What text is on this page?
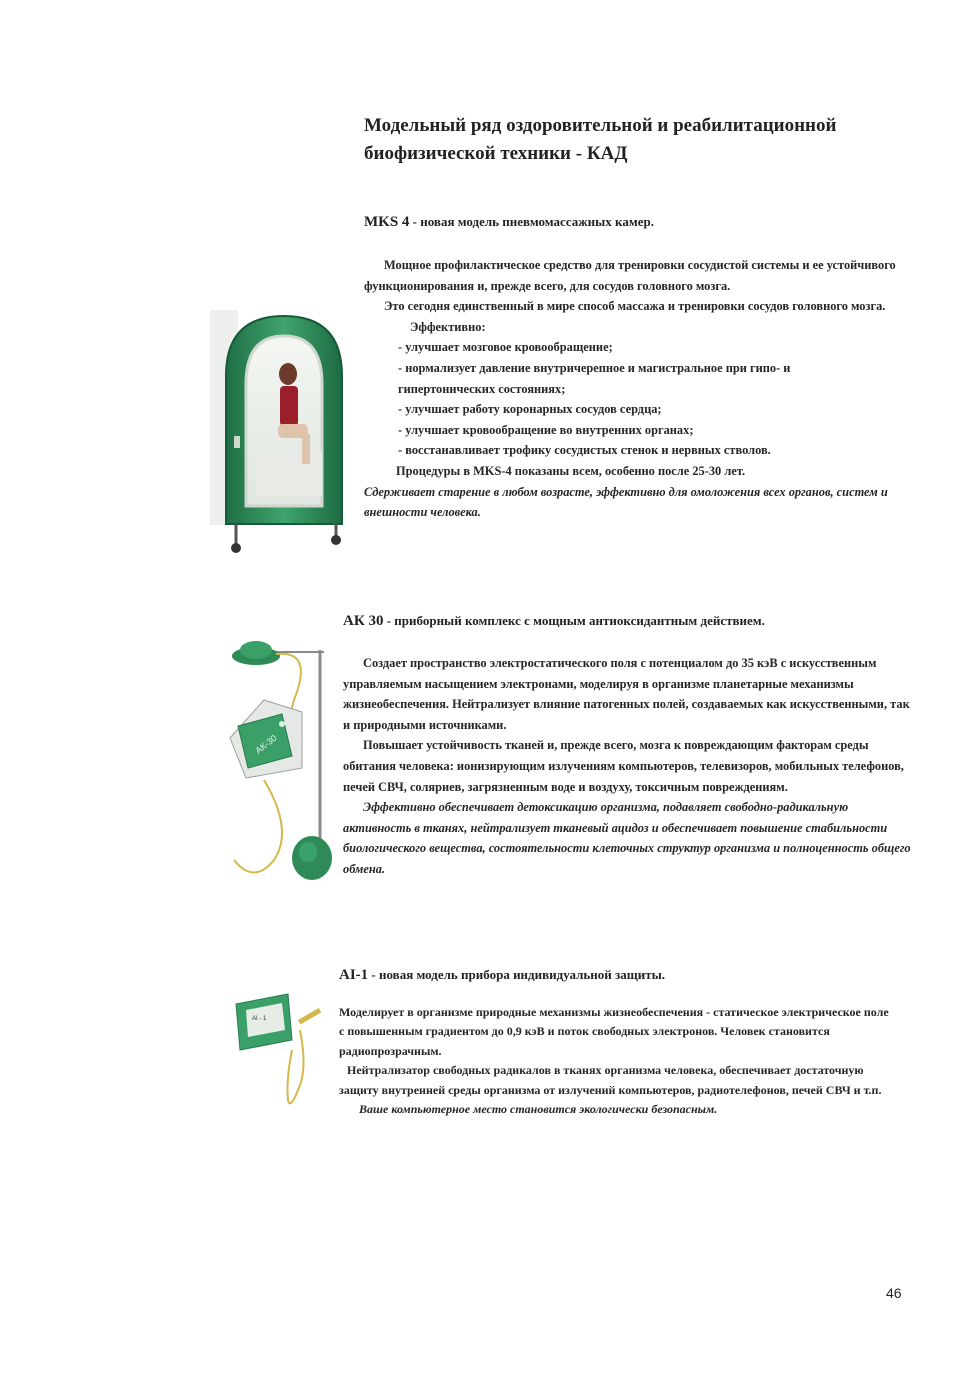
Модельный ряд оздоровительной и реабилитационной биофизической техники - КАД
MKS 4 - новая модель пневмомассажных камер.

Мощное профилактическое средство для тренировки сосудистой системы и ее устойчивого функционирования и, прежде всего, для сосудов головного мозга.

Это сегодня единственный в мире способ массажа и тренировки сосудов головного мозга.

Эффективно:

- улучшает мозговое кровообращение;
- нормализует давление внутричерепное и магистральное при гипо- и гипертонических состояниях;
- улучшает работу коронарных сосудов сердца;
- улучшает кровообращение во внутренних органах;
- восстанавливает трофику сосудистых стенок и нервных стволов.

Процедуры в MKS-4 показаны всем, особенно после 25-30 лет.

Сдерживает старение в любом возрасте, эффективно для омоложения всех органов, систем и внешности человека.

АК-30
АК 30 - приборный комплекс с мощным антиоксидантным действием.

Создает пространство электростатического поля с потенциалом до 35 кэВ с искусственным управляемым насыщением электронами, моделируя в организме планетарные механизмы жизнеобеспечения. Нейтрализует влияние патогенных полей, создаваемых как искусственными, так и природными источниками.

Повышает устойчивость тканей и, прежде всего, мозга к повреждающим факторам среды обитания человека: ионизирующим излучениям компьютеров, телевизоров, мобильных телефонов, печей СВЧ, соляриев, загрязненным воде и воздуху, токсичным повреждениям.

Эффективно обеспечивает детоксикацию организма, подавляет свободно-радикальную активность в тканях, нейтрализует тканевый ацидоз и обеспечивает повышение стабильности биологического вещества, состоятельности клеточных структур организма и полноценность общего обмена.

AI - 1
AI-1 - новая модель прибора индивидуальной защиты.

Моделирует в организме природные механизмы жизнеобеспечения - статическое электрическое поле с повышенным градиентом до 0,9 кэВ и поток свободных электронов. Человек становится радиопрозрачным.

Нейтрализатор свободных радикалов в тканях организма человека, обеспечивает достаточную защиту внутренней среды организма от излучений компьютеров, радиотелефонов, печей СВЧ и т.п.

Ваше компьютерное место становится экологически безопасным.

46
